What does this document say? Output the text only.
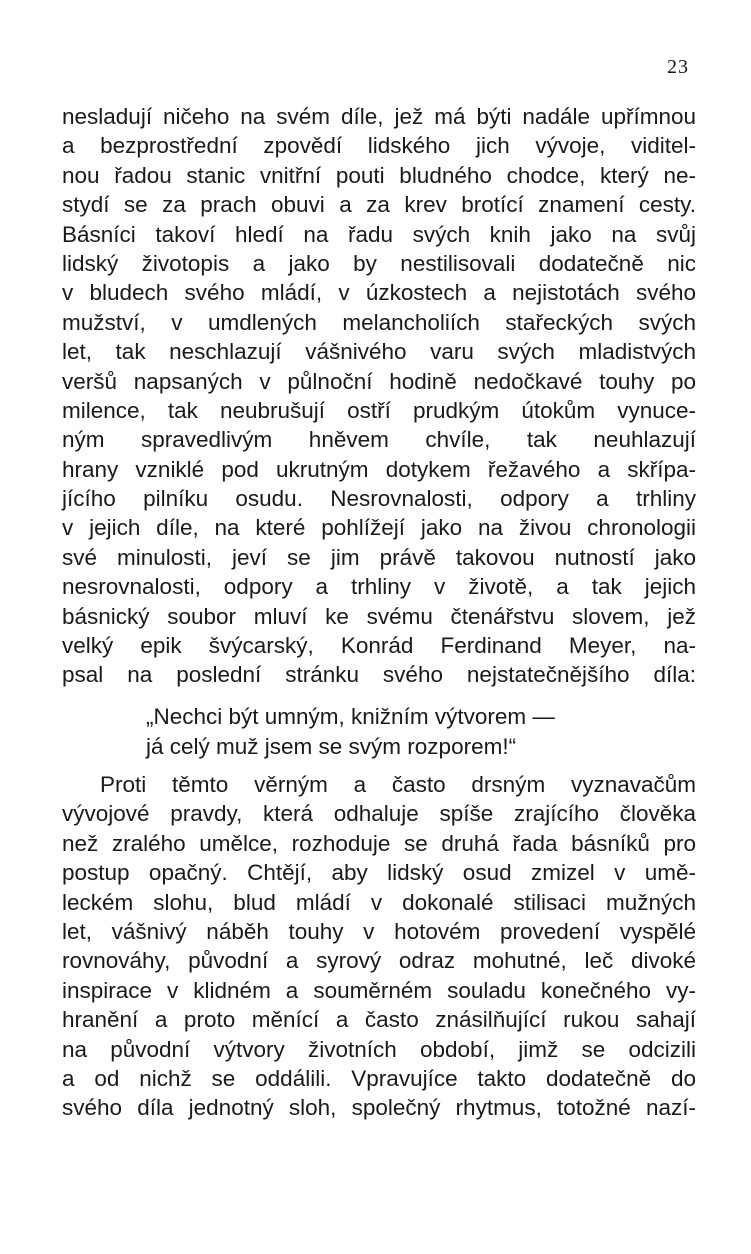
23
nesladují ničeho na svém díle, jež má býti nadále upřímnou
a bezprostřední zpovědí lidského jich vývoje, viditel-
nou řadou stanic vnitřní pouti bludného chodce, který ne-
stydí se za prach obuvi a za krev brotící znamení cesty.
Básníci takoví hledí na řadu svých knih jako na svůj
lidský životopis a jako by nestilisovali dodatečně nic
v bludech svého mládí, v úzkostech a nejistotách svého
mužství, v umdlených melancholiích stařeckých svých
let, tak neschlazují vášnivého varu svých mladistvých
veršů napsaných v půlnoční hodině nedočkavé touhy po
milence, tak neubrušují ostří prudkým útokům vynuce-
ným spravedlivým hněvem chvíle, tak neuhlazují
hrany vzniklé pod ukrutným dotykem řežavého a skřípa-
jícího pilníku osudu. Nesrovnalosti, odpory a trhliny
v jejich díle, na které pohlížejí jako na živou chronologii
své minulosti, jeví se jim právě takovou nutností jako
nesrovnalosti, odpory a trhliny v životě, a tak jejich
básnický soubor mluví ke svému čtenářstvu slovem, jež
velký epik švýcarský, Konrád Ferdinand Meyer, na-
psal na poslední stránku svého nejstatečnějšího díla:
„Nechci být umným, knižním výtvorem —
já celý muž jsem se svým rozporem!“
Proti těmto věrným a často drsným vyznavačům
vývojové pravdy, která odhaluje spíše zrajícího člověka
než zralého umělce, rozhoduje se druhá řada básníků pro
postup opačný. Chtějí, aby lidský osud zmizel v umě-
leckém slohu, blud mládí v dokonalé stilisaci mužných
let, vášnivý náběh touhy v hotovém provedení vyspělé
rovnováhy, původní a syrový odraz mohutné, leč divoké
inspirace v klidném a souměrném souladu konečného vy-
hranění a proto měnící a často znásilňující rukou sahají
na původní výtvory životních období, jimž se odcizili
a od nichž se oddálili. Vpravujíce takto dodatečně do
svého díla jednotný sloh, společný rhytmus, totožné nazí-
